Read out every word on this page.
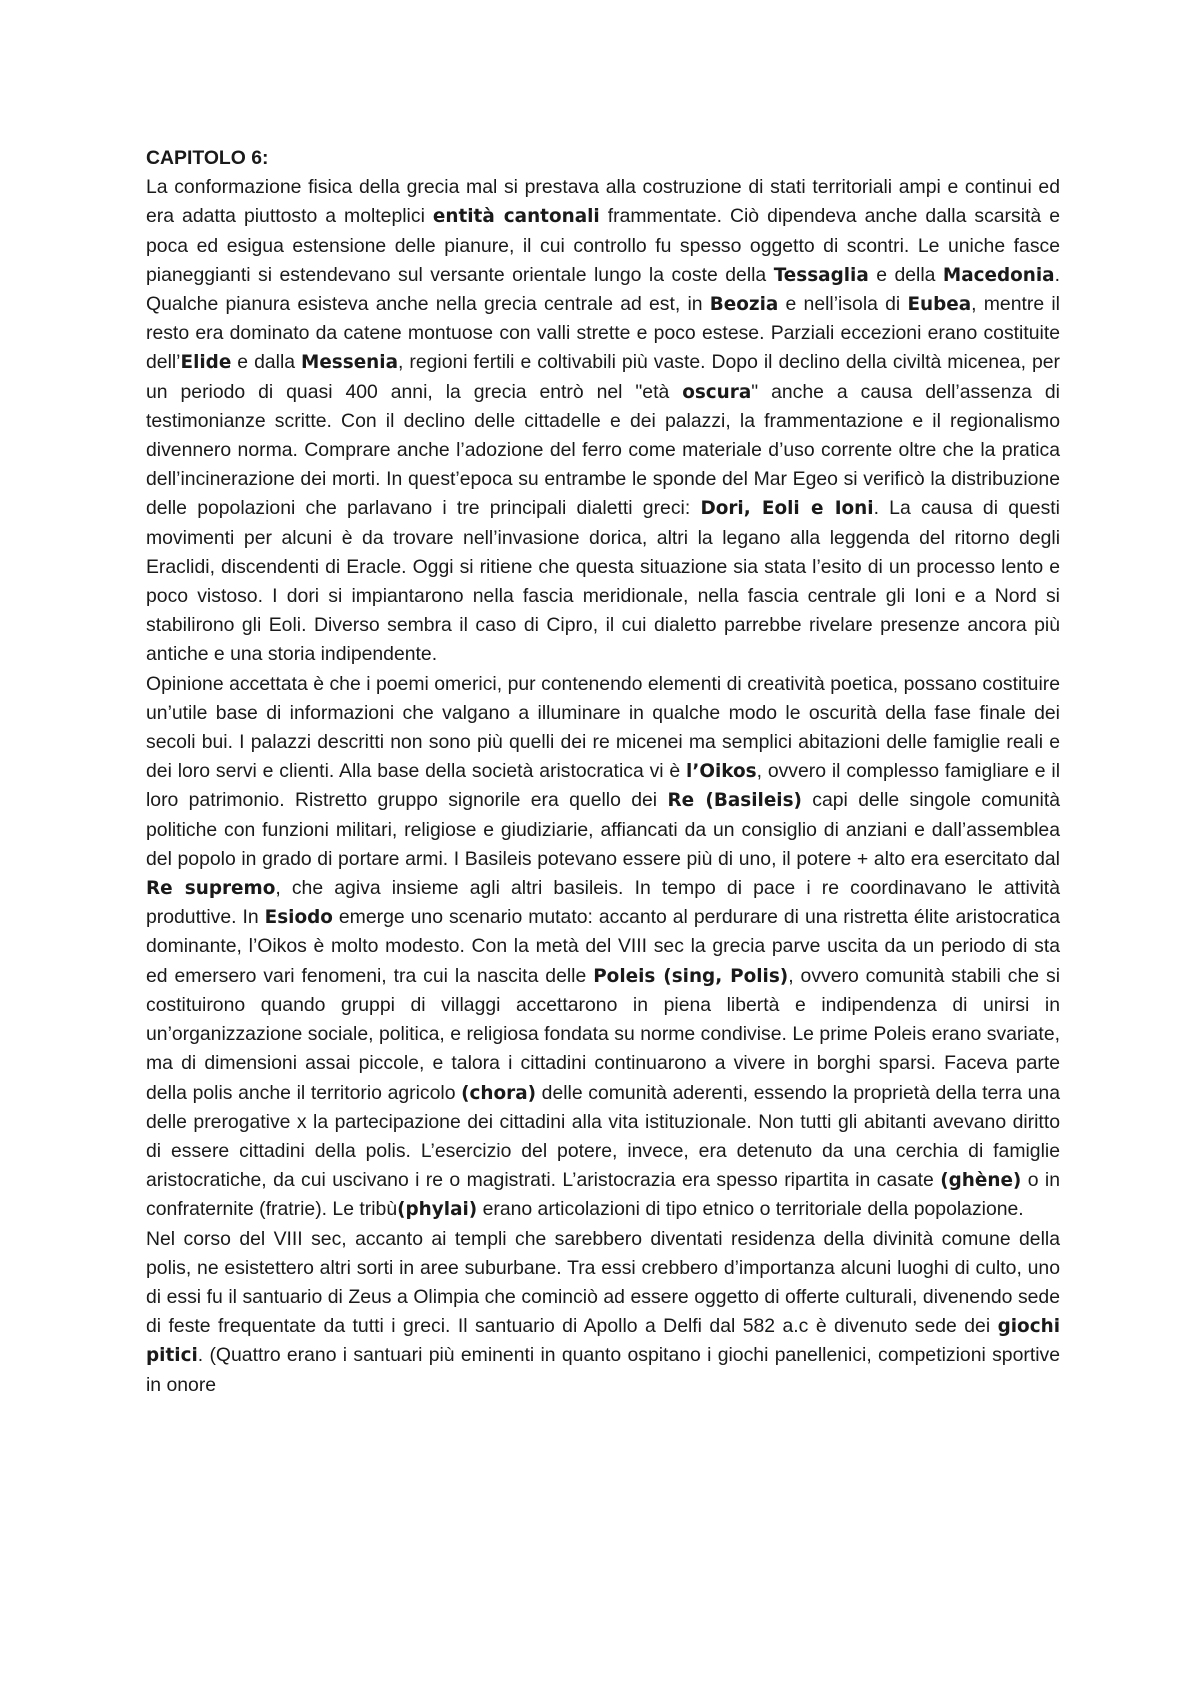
CAPITOLO 6:

La conformazione fisica della grecia mal si prestava alla costruzione di stati territoriali ampi e continui ed era adatta piuttosto a molteplici entità cantonali frammentate. Ciò dipendeva anche dalla scarsità e poca ed esigua estensione delle pianure, il cui controllo fu spesso oggetto di scontri. Le uniche fasce pianeggianti si estendevano sul versante orientale lungo la coste della Tessaglia e della Macedonia. Qualche pianura esisteva anche nella grecia centrale ad est, in Beozia e nell’isola di Eubea, mentre il resto era dominato da catene montuose con valli strette e poco estese. Parziali eccezioni erano costituite dell’Elide e dalla Messenia, regioni fertili e coltivabili più vaste. Dopo il declino della civiltà micenea, per un periodo di quasi 400 anni, la grecia entrò nel "età oscura" anche a causa dell’assenza di testimonianze scritte. Con il declino delle cittadelle e dei palazzi, la frammentazione e il regionalismo divennero norma. Comprare anche l’adozione del ferro come materiale d’uso corrente oltre che la pratica dell’incinerazione dei morti. In quest’epoca su entrambe le sponde del Mar Egeo si verificò la distribuzione delle popolazioni che parlavano i tre principali dialetti greci: Dori, Eoli e Ioni. La causa di questi movimenti per alcuni è da trovare nell’invasione dorica, altri la legano alla leggenda del ritorno degli Eraclidi, discendenti di Eracle. Oggi si ritiene che questa situazione sia stata l’esito di un processo lento e poco vistoso. I dori si impiantarono nella fascia meridionale, nella fascia centrale gli Ioni e a Nord si stabilirono gli Eoli. Diverso sembra il caso di Cipro, il cui dialetto parrebbe rivelare presenze ancora più antiche e una storia indipendente.

Opinione accettata è che i poemi omerici, pur contenendo elementi di creatività poetica, possano costituire un’utile base di informazioni che valgano a illuminare in qualche modo le oscurità della fase finale dei secoli bui. I palazzi descritti non sono più quelli dei re micenei ma semplici abitazioni delle famiglie reali e dei loro servi e clienti. Alla base della società aristocratica vi è l’Oikos, ovvero il complesso famigliare e il loro patrimonio. Ristretto gruppo signorile era quello dei Re (Basileis) capi delle singole comunità politiche con funzioni militari, religiose e giudiziarie, affiancati da un consiglio di anziani e dall’assemblea del popolo in grado di portare armi. I Basileis potevano essere più di uno, il potere + alto era esercitato dal Re supremo, che agiva insieme agli altri basileis. In tempo di pace i re coordinavano le attività produttive. In Esiodo emerge uno scenario mutato: accanto al perdurare di una ristretta élite aristocratica dominante, l’Oikos è molto modesto. Con la metà del VIII sec la grecia parve uscita da un periodo di sta ed emersero vari fenomeni, tra cui la nascita delle Poleis (sing, Polis), ovvero comunità stabili che si costituirono quando gruppi di villaggi accettarono in piena libertà e indipendenza di unirsi in un’organizzazione sociale, politica, e religiosa fondata su norme condivise. Le prime Poleis erano svariate, ma di dimensioni assai piccole, e talora i cittadini continuarono a vivere in borghi sparsi. Faceva parte della polis anche il territorio agricolo (chora) delle comunità aderenti, essendo la proprietà della terra una delle prerogative x la partecipazione dei cittadini alla vita istituzionale. Non tutti gli abitanti avevano diritto di essere cittadini della polis. L’esercizio del potere, invece, era detenuto da una cerchia di famiglie aristocratiche, da cui uscivano i re o magistrati. L’aristocrazia era spesso ripartita in casate (ghène) o in confraternite (fratrie). Le tribù(phylai) erano articolazioni di tipo etnico o territoriale della popolazione.

Nel corso del VIII sec, accanto ai templi che sarebbero diventati residenza della divinità comune della polis, ne esistettero altri sorti in aree suburbane. Tra essi crebbero d’importanza alcuni luoghi di culto, uno di essi fu il santuario di Zeus a Olimpia che cominciò ad essere oggetto di offerte culturali, divenendo sede di feste frequentate da tutti i greci. Il santuario di Apollo a Delfi dal 582 a.c è divenuto sede dei giochi pitici. (Quattro erano i santuari più eminenti in quanto ospitano i giochi panellenici, competizioni sportive in onore
